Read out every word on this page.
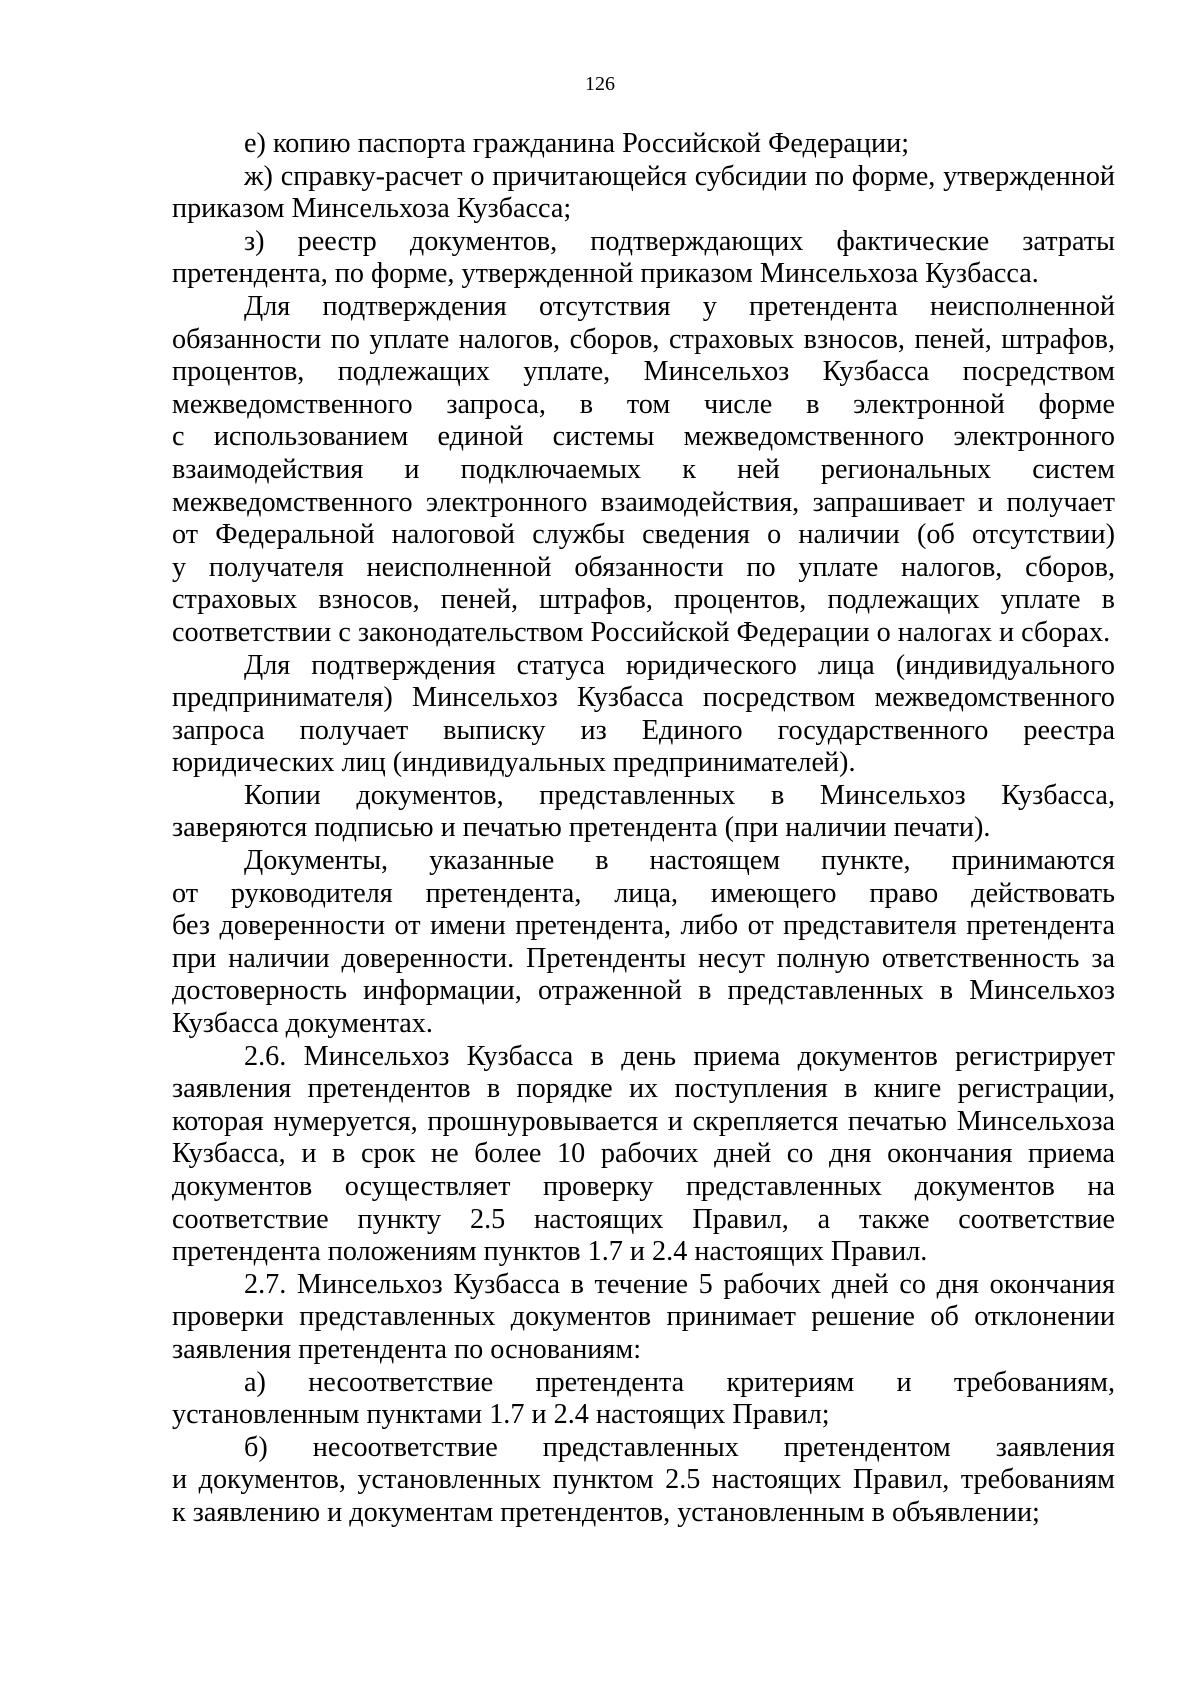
126
е) копию паспорта гражданина Российской Федерации;
ж) справку-расчет о причитающейся субсидии по форме, утвержденной
приказом Минсельхоза Кузбасса;
з) реестр документов, подтверждающих фактические затраты
претендента, по форме, утвержденной приказом Минсельхоза Кузбасса.
Для подтверждения отсутствия у претендента неисполненной
обязанности по уплате налогов, сборов, страховых взносов, пеней, штрафов,
процентов, подлежащих уплате, Минсельхоз Кузбасса посредством
межведомственного запроса, в том числе в электронной форме
с использованием единой системы межведомственного электронного
взаимодействия и подключаемых к ней региональных систем
межведомственного электронного взаимодействия, запрашивает и получает
от Федеральной налоговой службы сведения о наличии (об отсутствии)
у получателя неисполненной обязанности по уплате налогов, сборов,
страховых взносов, пеней, штрафов, процентов, подлежащих уплате в
соответствии с законодательством Российской Федерации о налогах и сборах.
Для подтверждения статуса юридического лица (индивидуального
предпринимателя) Минсельхоз Кузбасса посредством межведомственного
запроса получает выписку из Единого государственного реестра
юридических лиц (индивидуальных предпринимателей).
Копии документов, представленных в Минсельхоз Кузбасса,
заверяются подписью и печатью претендента (при наличии печати).
Документы, указанные в настоящем пункте, принимаются
от руководителя претендента, лица, имеющего право действовать
без доверенности от имени претендента, либо от представителя претендента
при наличии доверенности. Претенденты несут полную ответственность за
достоверность информации, отраженной в представленных в Минсельхоз
Кузбасса документах.
2.6. Минсельхоз Кузбасса в день приема документов регистрирует
заявления претендентов в порядке их поступления в книге регистрации,
которая нумеруется, прошнуровывается и скрепляется печатью Минсельхоза
Кузбасса, и в срок не более 10 рабочих дней со дня окончания приема
документов осуществляет проверку представленных документов на
соответствие пункту 2.5 настоящих Правил, а также соответствие
претендента положениям пунктов 1.7 и 2.4 настоящих Правил.
2.7. Минсельхоз Кузбасса в течение 5 рабочих дней со дня окончания
проверки представленных документов принимает решение об отклонении
заявления претендента по основаниям:
а) несоответствие претендента критериям и требованиям,
установленным пунктами 1.7 и 2.4 настоящих Правил;
б) несоответствие представленных претендентом заявления
и документов, установленных пунктом 2.5 настоящих Правил, требованиям
к заявлению и документам претендентов, установленным в объявлении;
